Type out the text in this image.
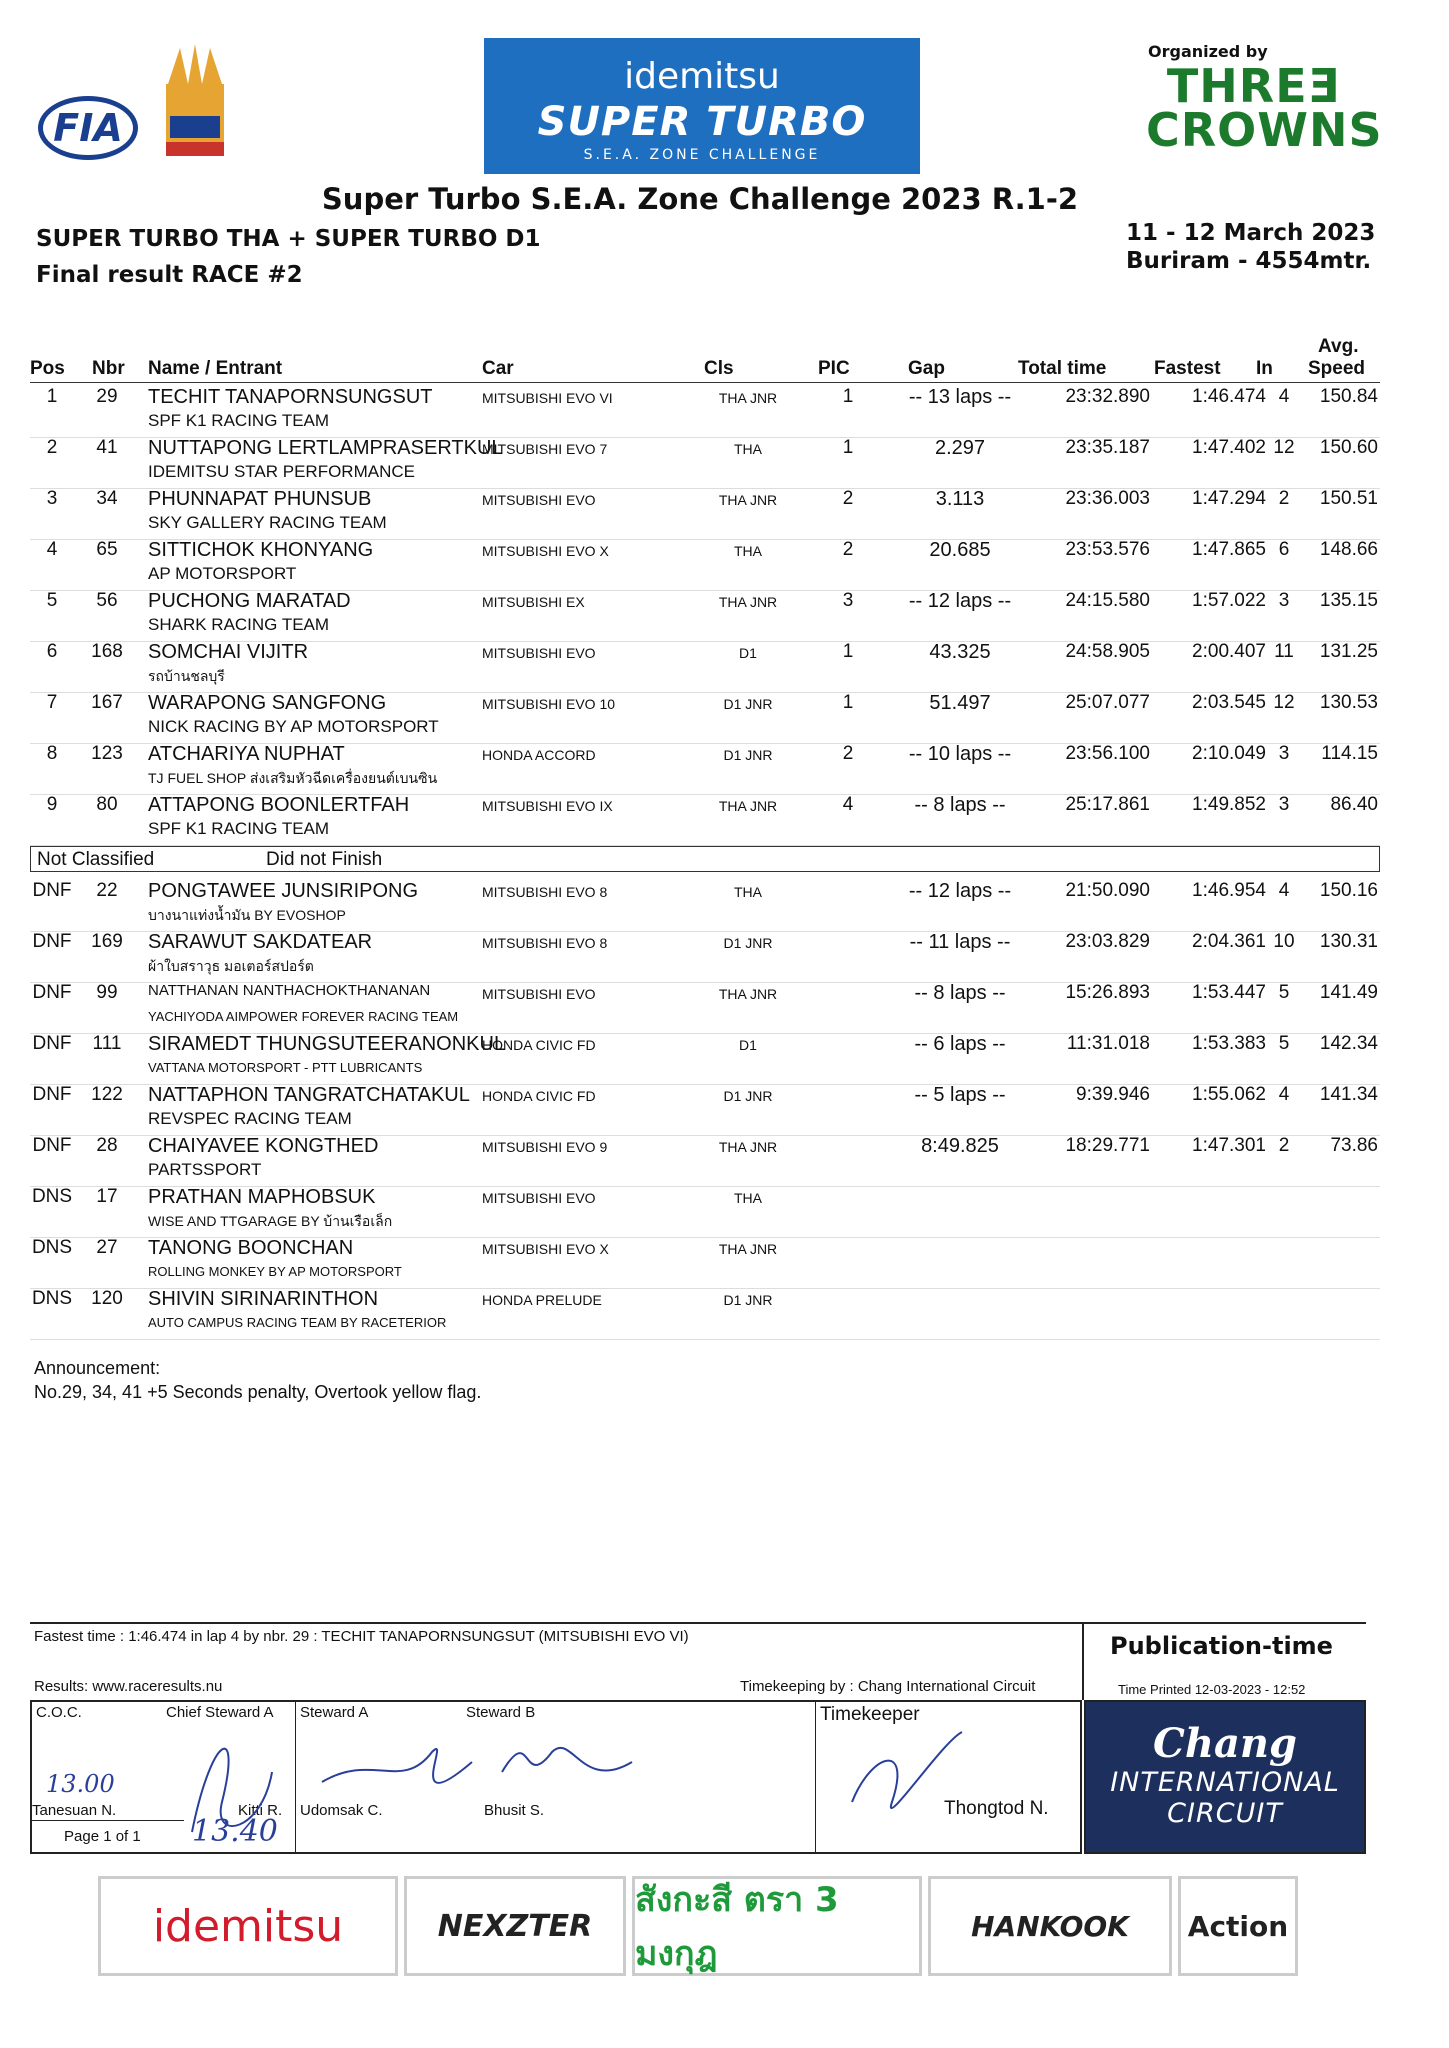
FIA
idemitsu
SUPER TURBO
S.E.A. ZONE CHALLENGE
Organized by
THREƎ CROWNS
Super Turbo S.E.A. Zone Challenge 2023 R.1-2
SUPER TURBO THA + SUPER TURBO D1
Final result RACE #2
11 - 12 March 2023
Buriram - 4554mtr.
Pos Nbr Name / Entrant	Car	Cls	PIC	Gap	Total time	Fastest In
Avg.
Speed
1	29	TECHIT TANAPORNSUNGSUT
SPF K1 RACING TEAM
MITSUBISHI EVO VI	THA JNR	1	-- 13 laps --	23:32.890	1:46.474 4	150.84
2	41	NUTTAPONG LERTLAMPRASERTKUL
IDEMITSU STAR PERFORMANCE
MITSUBISHI EVO 7	THA	1	2.297	23:35.187	1:47.402 12	150.60
3	34	PHUNNAPAT PHUNSUB
SKY GALLERY RACING TEAM
MITSUBISHI EVO	THA JNR	2	3.113	23:36.003	1:47.294 2	150.51
4	65	SITTICHOK KHONYANG
AP MOTORSPORT
MITSUBISHI EVO X	THA	2	20.685	23:53.576	1:47.865 6	148.66
5	56	PUCHONG MARATAD
SHARK RACING TEAM
MITSUBISHI EX	THA JNR	3	-- 12 laps --	24:15.580	1:57.022 3	135.15
6	168	SOMCHAI VIJITR
รถบ้านชลบุรี
MITSUBISHI EVO	D1	1	43.325	24:58.905	2:00.407 11	131.25
7	167	WARAPONG SANGFONG
NICK RACING BY AP MOTORSPORT
MITSUBISHI EVO 10	D1 JNR	1	51.497	25:07.077	2:03.545 12	130.53
8	123	ATCHARIYA NUPHAT
TJ FUEL SHOP ส่งเสริมหัวฉีดเครื่องยนต์เบนซิน
HONDA ACCORD	D1 JNR	2	-- 10 laps --	23:56.100	2:10.049 3	114.15
9	80	ATTAPONG BOONLERTFAH
SPF K1 RACING TEAM
MITSUBISHI EVO IX	THA JNR	4	-- 8 laps --	25:17.861	1:49.852 3	86.40
Not Classified	Did not Finish
DNF	22	PONGTAWEE JUNSIRIPONG
บางนาแท่งน้ำมัน BY EVOSHOP
MITSUBISHI EVO 8	THA	-- 12 laps --	21:50.090	1:46.954 4	150.16
DNF	169	SARAWUT SAKDATEAR
ผ้าใบสราวุธ มอเตอร์สปอร์ต
MITSUBISHI EVO 8	D1 JNR	-- 11 laps --	23:03.829	2:04.361 10	130.31
DNF	99	NATTHANAN NANTHACHOKTHANANAN
YACHIYODA AIMPOWER FOREVER RACING TEAM
MITSUBISHI EVO	THA JNR	-- 8 laps --	15:26.893	1:53.447 5	141.49
DNF	111	SIRAMEDT THUNGSUTEERANONKUL
VATTANA MOTORSPORT - PTT LUBRICANTS
HONDA CIVIC FD	D1	-- 6 laps --	11:31.018	1:53.383 5	142.34
DNF	122	NATTAPHON TANGRATCHATAKUL
REVSPEC RACING TEAM
HONDA CIVIC FD	D1 JNR	-- 5 laps --	9:39.946	1:55.062 4	141.34
DNF	28	CHAIYAVEE KONGTHED
PARTSSPORT
MITSUBISHI EVO 9	THA JNR	8:49.825	18:29.771	1:47.301 2	73.86
DNS	17	PRATHAN MAPHOBSUK
WISE AND TTGARAGE BY บ้านเรือเล็ก
MITSUBISHI EVO	THA
DNS	27	TANONG BOONCHAN
ROLLING MONKEY BY AP MOTORSPORT
MITSUBISHI EVO X	THA JNR
DNS	120	SHIVIN SIRINARINTHON
AUTO CAMPUS RACING TEAM BY RACETERIOR
HONDA PRELUDE	D1 JNR
Announcement:
No.29, 34, 41 +5 Seconds penalty, Overtook yellow flag.
Fastest time : 1:46.474 in lap 4 by nbr. 29 : TECHIT TANAPORNSUNGSUT (MITSUBISHI EVO VI)
Results: www.raceresults.nu	Timekeeping by : Chang International Circuit
Publication-time
Time Printed 12-03-2023 - 12:52
C.O.C.	Chief Steward A
13.00
Tanesuan N.	Kitti R.
Page 1 of 1 13.40
Steward A	Steward B
Udomsak C.	Bhusit S.
Timekeeper
Thongtod N.
Chang
INTERNATIONAL
CIRCUIT
idemitsu	NEXZTER
สังกะสี ตรา 3 มงกุฎ
HANKOOK	Action
